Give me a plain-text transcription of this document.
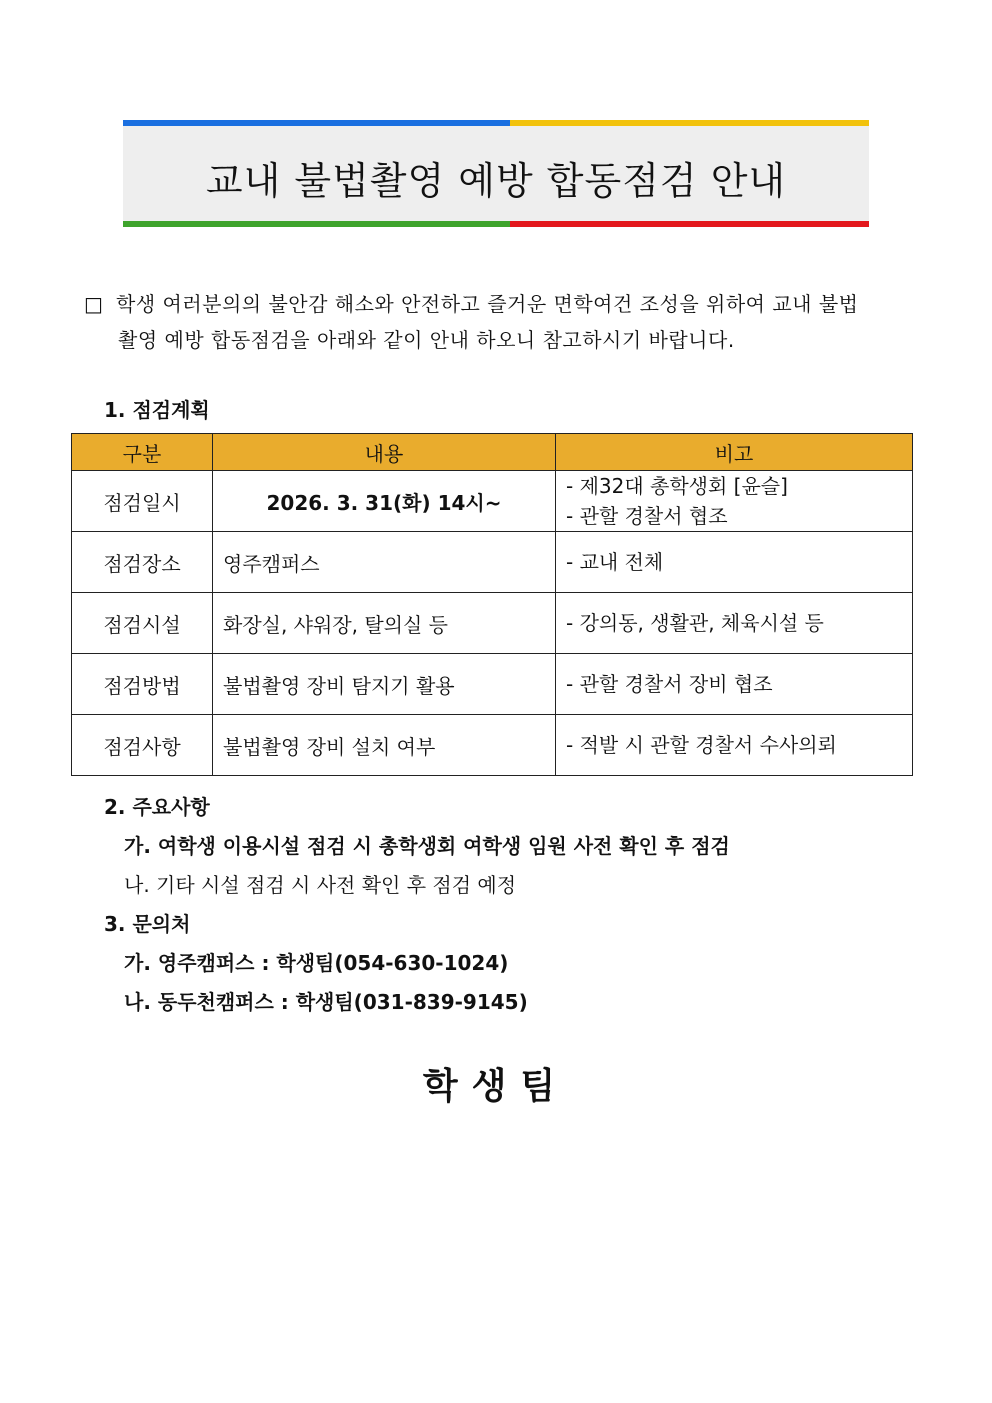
교내 불법촬영 예방 합동점검 안내
□ 학생 여러분의의 불안감 해소와 안전하고 즐거운 면학여건 조성을 위하여 교내 불법
촬영 예방 합동점검을 아래와 같이 안내 하오니 참고하시기 바랍니다.
1. 점검계획
구분	내용	비고
점검일시	2026. 3. 31(화) 14시~	- 제32대 총학생회 [윤슬]
- 관할 경찰서 협조

점검장소	영주캠퍼스	- 교내 전체

점검시설	화장실, 샤워장, 탈의실 등	- 강의동, 생활관, 체육시설 등

점검방법	불법촬영 장비 탐지기 활용	- 관할 경찰서 장비 협조

점검사항	불법촬영 장비 설치 여부	- 적발 시 관할 경찰서 수사의뢰
2. 주요사항
가. 여학생 이용시설 점검 시 총학생회 여학생 임원 사전 확인 후 점검
나. 기타 시설 점검 시 사전 확인 후 점검 예정
3. 문의처
가. 영주캠퍼스 : 학생팀(054-630-1024)
나. 동두천캠퍼스 : 학생팀(031-839-9145)
학생팀
